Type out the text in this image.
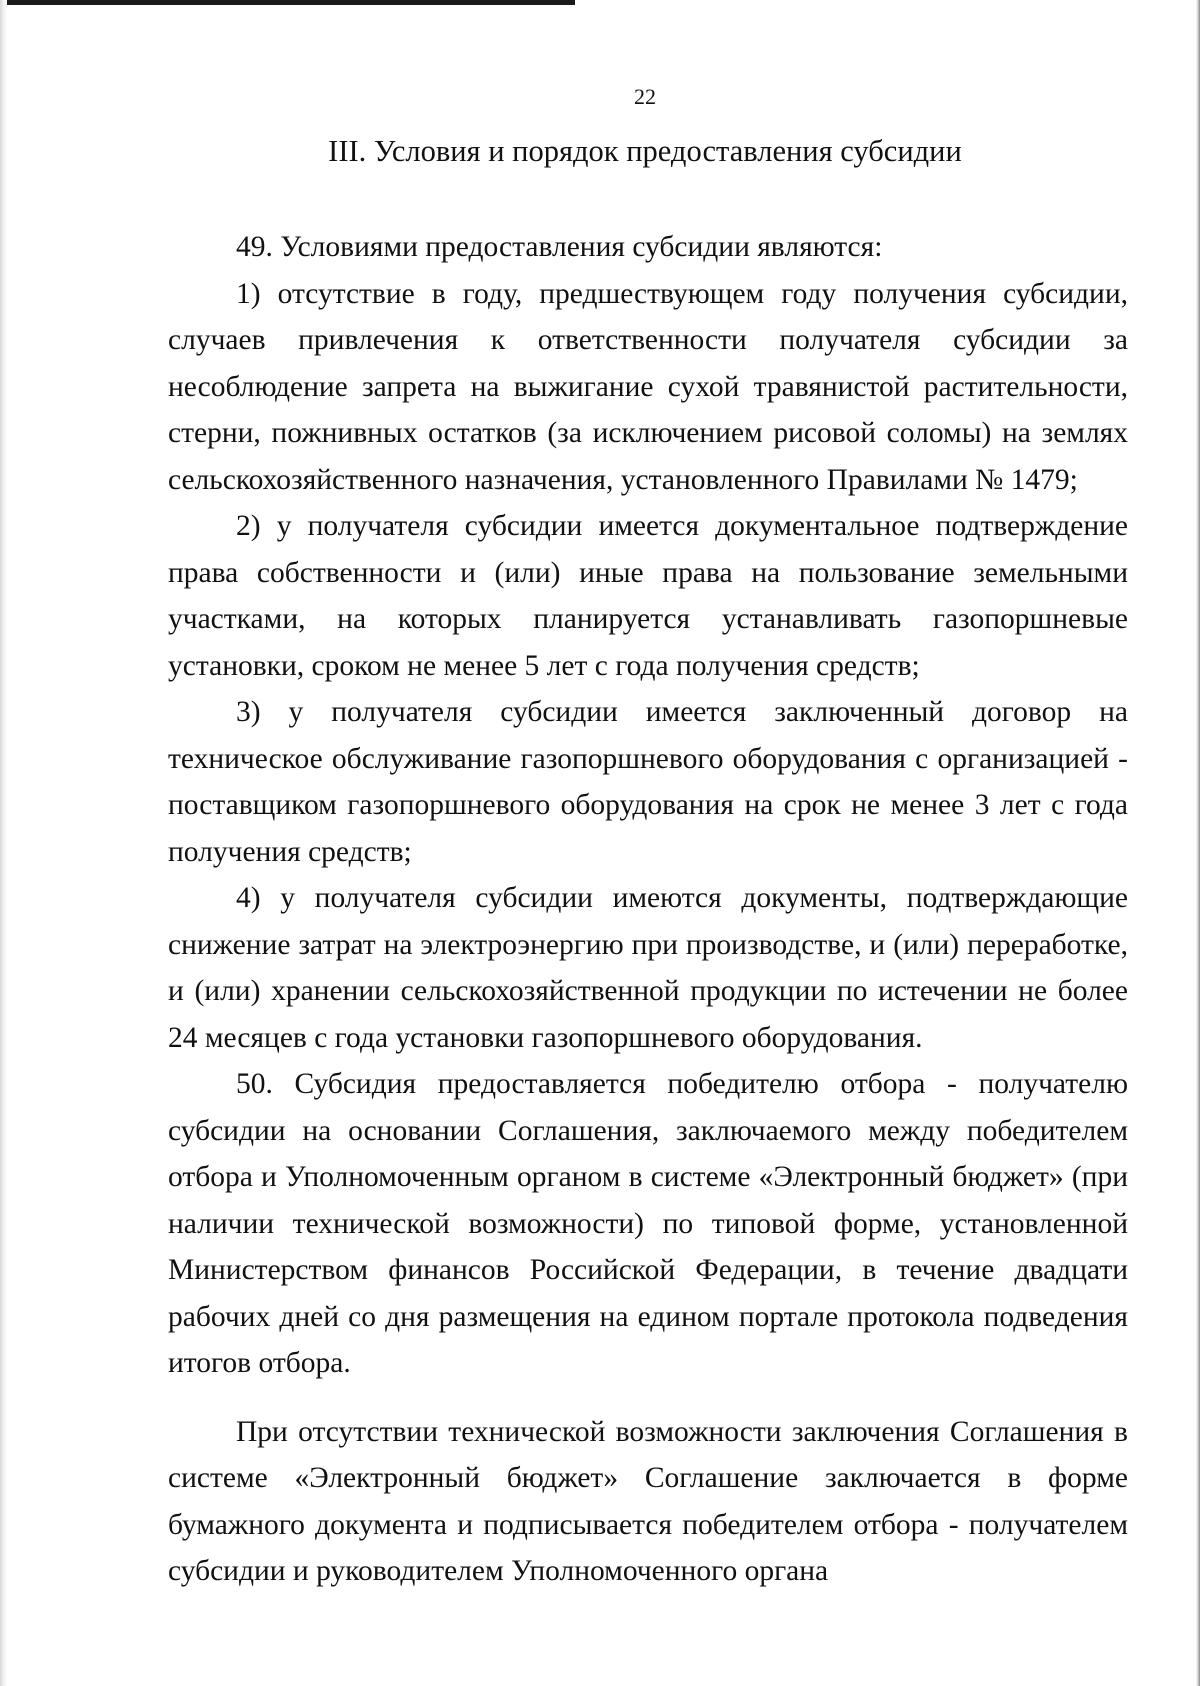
22
III. Условия и порядок предоставления субсидии

49. Условиями предоставления субсидии являются:

1) отсутствие в году, предшествующем году получения субсидии, случаев привлечения к ответственности получателя субсидии за несоблюдение запрета на выжигание сухой травянистой растительности, стерни, пожнивных остатков (за исключением рисовой соломы) на землях сельскохозяйственного назначения, установленного Правилами № 1479;

2) у получателя субсидии имеется документальное подтверждение права собственности и (или) иные права на пользование земельными участками, на которых планируется устанавливать газопоршневые установки, сроком не менее 5 лет с года получения средств;

3) у получателя субсидии имеется заключенный договор на техническое обслуживание газопоршневого оборудования с организацией - поставщиком газопоршневого оборудования на срок не менее 3 лет с года получения средств;

4) у получателя субсидии имеются документы, подтверждающие снижение затрат на электроэнергию при производстве, и (или) переработке, и (или) хранении сельскохозяйственной продукции по истечении не более 24 месяцев с года установки газопоршневого оборудования.

50. Субсидия предоставляется победителю отбора - получателю субсидии на основании Соглашения, заключаемого между победителем отбора и Уполномоченным органом в системе «Электронный бюджет» (при наличии технической возможности) по типовой форме, установленной Министерством финансов Российской Федерации, в течение двадцати рабочих дней со дня размещения на едином портале протокола подведения итогов отбора.

При отсутствии технической возможности заключения Соглашения в системе «Электронный бюджет» Соглашение заключается в форме бумажного документа и подписывается победителем отбора - получателем субсидии и руководителем Уполномоченного органа
